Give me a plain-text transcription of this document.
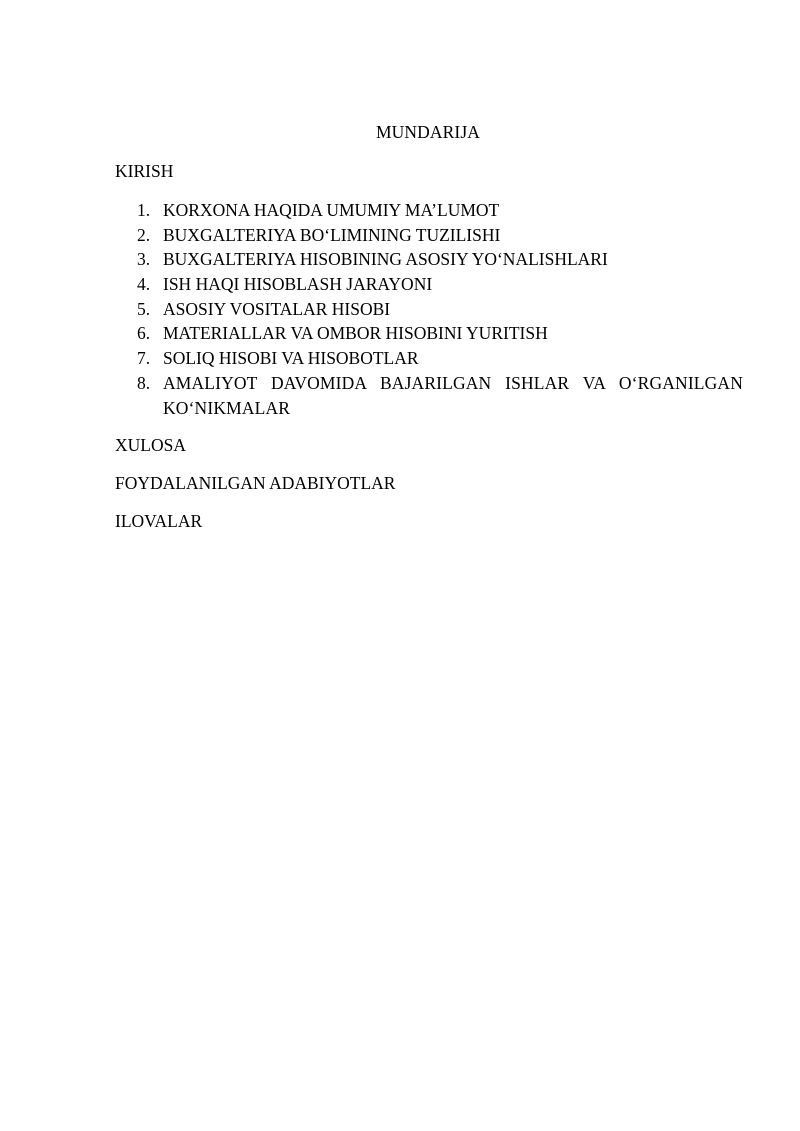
MUNDARIJA
KIRISH
1. KORXONA HAQIDA UMUMIY MA’LUMOT
2. BUXGALTERIYA BO‘LIMINING TUZILISHI
3. BUXGALTERIYA HISOBINING ASOSIY YO‘NALISHLARI
4. ISH HAQI HISOBLASH JARAYONI
5. ASOSIY VOSITALAR HISOBI
6. MATERIALLAR VA OMBOR HISOBINI YURITISH
7. SOLIQ HISOBI VA HISOBOTLAR
8. AMALIYOT DAVOMIDA BAJARILGAN ISHLAR VA O‘RGANILGAN KO‘NIKMALAR
XULOSA
FOYDALANILGAN ADABIYOTLAR
ILOVALAR
